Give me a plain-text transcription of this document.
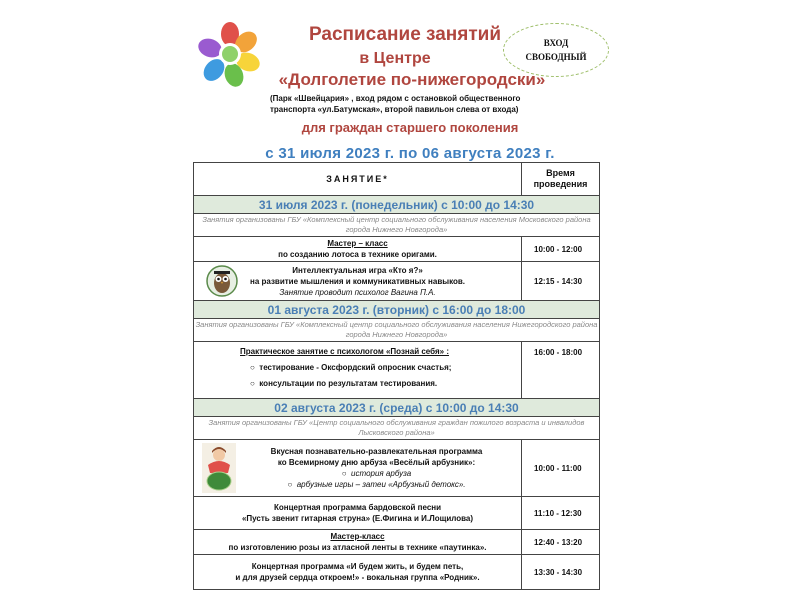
Расписание занятий
в Центре
«Долголетие по-нижегородски»
(Парк «Швейцария» , вход рядом с остановкой общественного транспорта «ул.Батумская», второй павильон слева от входа)
для граждан старшего поколения
ВХОД
СВОБОДНЫЙ
с 31 июля 2023 г. по 06 августа 2023 г.
ЗАНЯТИЕ*	Время
проведения

31 июля 2023 г. (понедельник) с 10:00 до 14:30	
Занятия организованы ГБУ «Комплексный центр социального обслуживания населения Московского района города Нижнего Новгорода»	

Мастер – класс
по созданию лотоса в технике оригами.	10:00 - 12:00

Интеллектуальная игра «Кто я?»
на развитие мышления и коммуникативных навыков.
Занятие проводит психолог Вагина П.А.	12:15 - 14:30
01 августа 2023 г. (вторник) с 16:00 до 18:00	
Занятия организованы ГБУ «Комплексный центр социального обслуживания населения Нижегородского района города Нижнего Новгорода»	

Практическое занятие с психологом «Познай себя» :
○  тестирование - Оксфордский опросник счастья;
○  консультации по результатам тестирования.	16:00 - 18:00
02 августа 2023 г. (среда) с 10:00 до 14:30	
Занятия организованы ГБУ «Центр социального обслуживания граждан пожилого возраста и инвалидов Лысковского района»	

Вкусная познавательно-развлекательная программа
ко Всемирному дню арбуза «Весёлый арбузник»:
○  история арбуза
○  арбузные игры – затеи «Арбузный детокс».	10:00 - 11:00

Концертная программа бардовской песни
«Пусть звенит гитарная струна» (Е.Фигина и И.Лощилова)	11:10 - 12:30

Мастер-класс
по изготовлению розы из атласной ленты в технике «паутинка».	12:40 - 13:20

Концертная программа «И будем жить, и будем петь,
и для друзей сердца откроем!» - вокальная группа «Родник».	13:30 - 14:30
